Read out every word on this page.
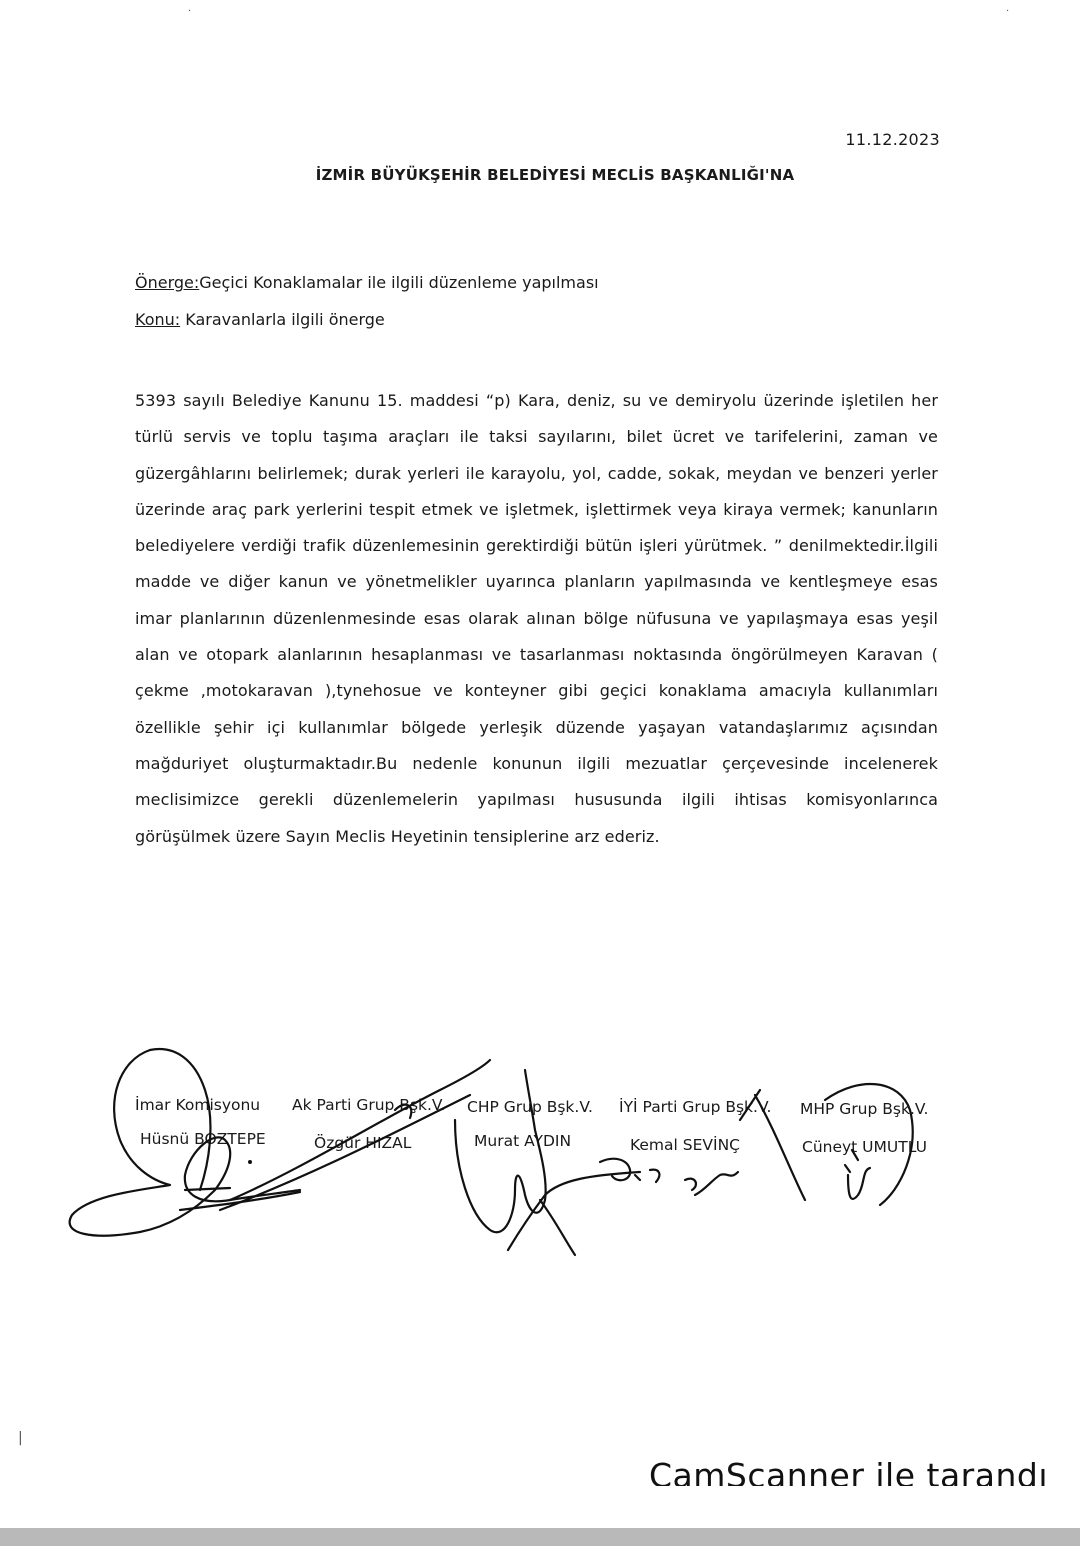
·	·
11.12.2023
İZMİR BÜYÜKŞEHİR BELEDİYESİ MECLİS BAŞKANLIĞI'NA
Önerge:Geçici Konaklamalar ile ilgili düzenleme yapılması
Konu: Karavanlarla ilgili önerge

5393 sayılı Belediye Kanunu 15. maddesi “p) Kara, deniz, su ve demiryolu üzerinde işletilen her türlü servis ve toplu taşıma araçları ile taksi sayılarını, bilet ücret ve tarifelerini, zaman ve güzergâhlarını belirlemek; durak yerleri ile karayolu, yol, cadde, sokak, meydan ve benzeri yerler üzerinde araç park yerlerini tespit etmek ve işletmek, işlettirmek veya kiraya vermek; kanunların belediyelere verdiği trafik düzenlemesinin gerektirdiği bütün işleri yürütmek. ” denilmektedir.İlgili madde ve diğer kanun ve yönetmelikler uyarınca planların yapılmasında ve kentleşmeye esas imar planlarının düzenlenmesinde esas olarak alınan bölge nüfusuna ve yapılaşmaya esas yeşil alan ve otopark alanlarının hesaplanması ve tasarlanması noktasında öngörülmeyen Karavan ( çekme ,motokaravan ),tynehosue ve konteyner gibi geçici konaklama amacıyla kullanımları özellikle şehir içi kullanımlar bölgede yerleşik düzende yaşayan vatandaşlarımız açısından mağduriyet oluşturmaktadır.Bu nedenle konunun ilgili mezuatlar çerçevesinde incelenerek meclisimizce gerekli düzenlemelerin yapılması hususunda ilgili ihtisas komisyonlarınca görüşülmek üzere Sayın Meclis Heyetinin tensiplerine arz ederiz.

İmar Komisyonu
Hüsnü BOZTEPE
Ak Parti Grup Bşk.V.
Özgür HIZAL
CHP Grup Bşk.V.
Murat AYDIN
İYİ Parti Grup Bşk.V.
Kemal SEVİNÇ
MHP Grup Bşk.V.
Cüneyt UMUTLU
CamScanner ile tarandı
|
